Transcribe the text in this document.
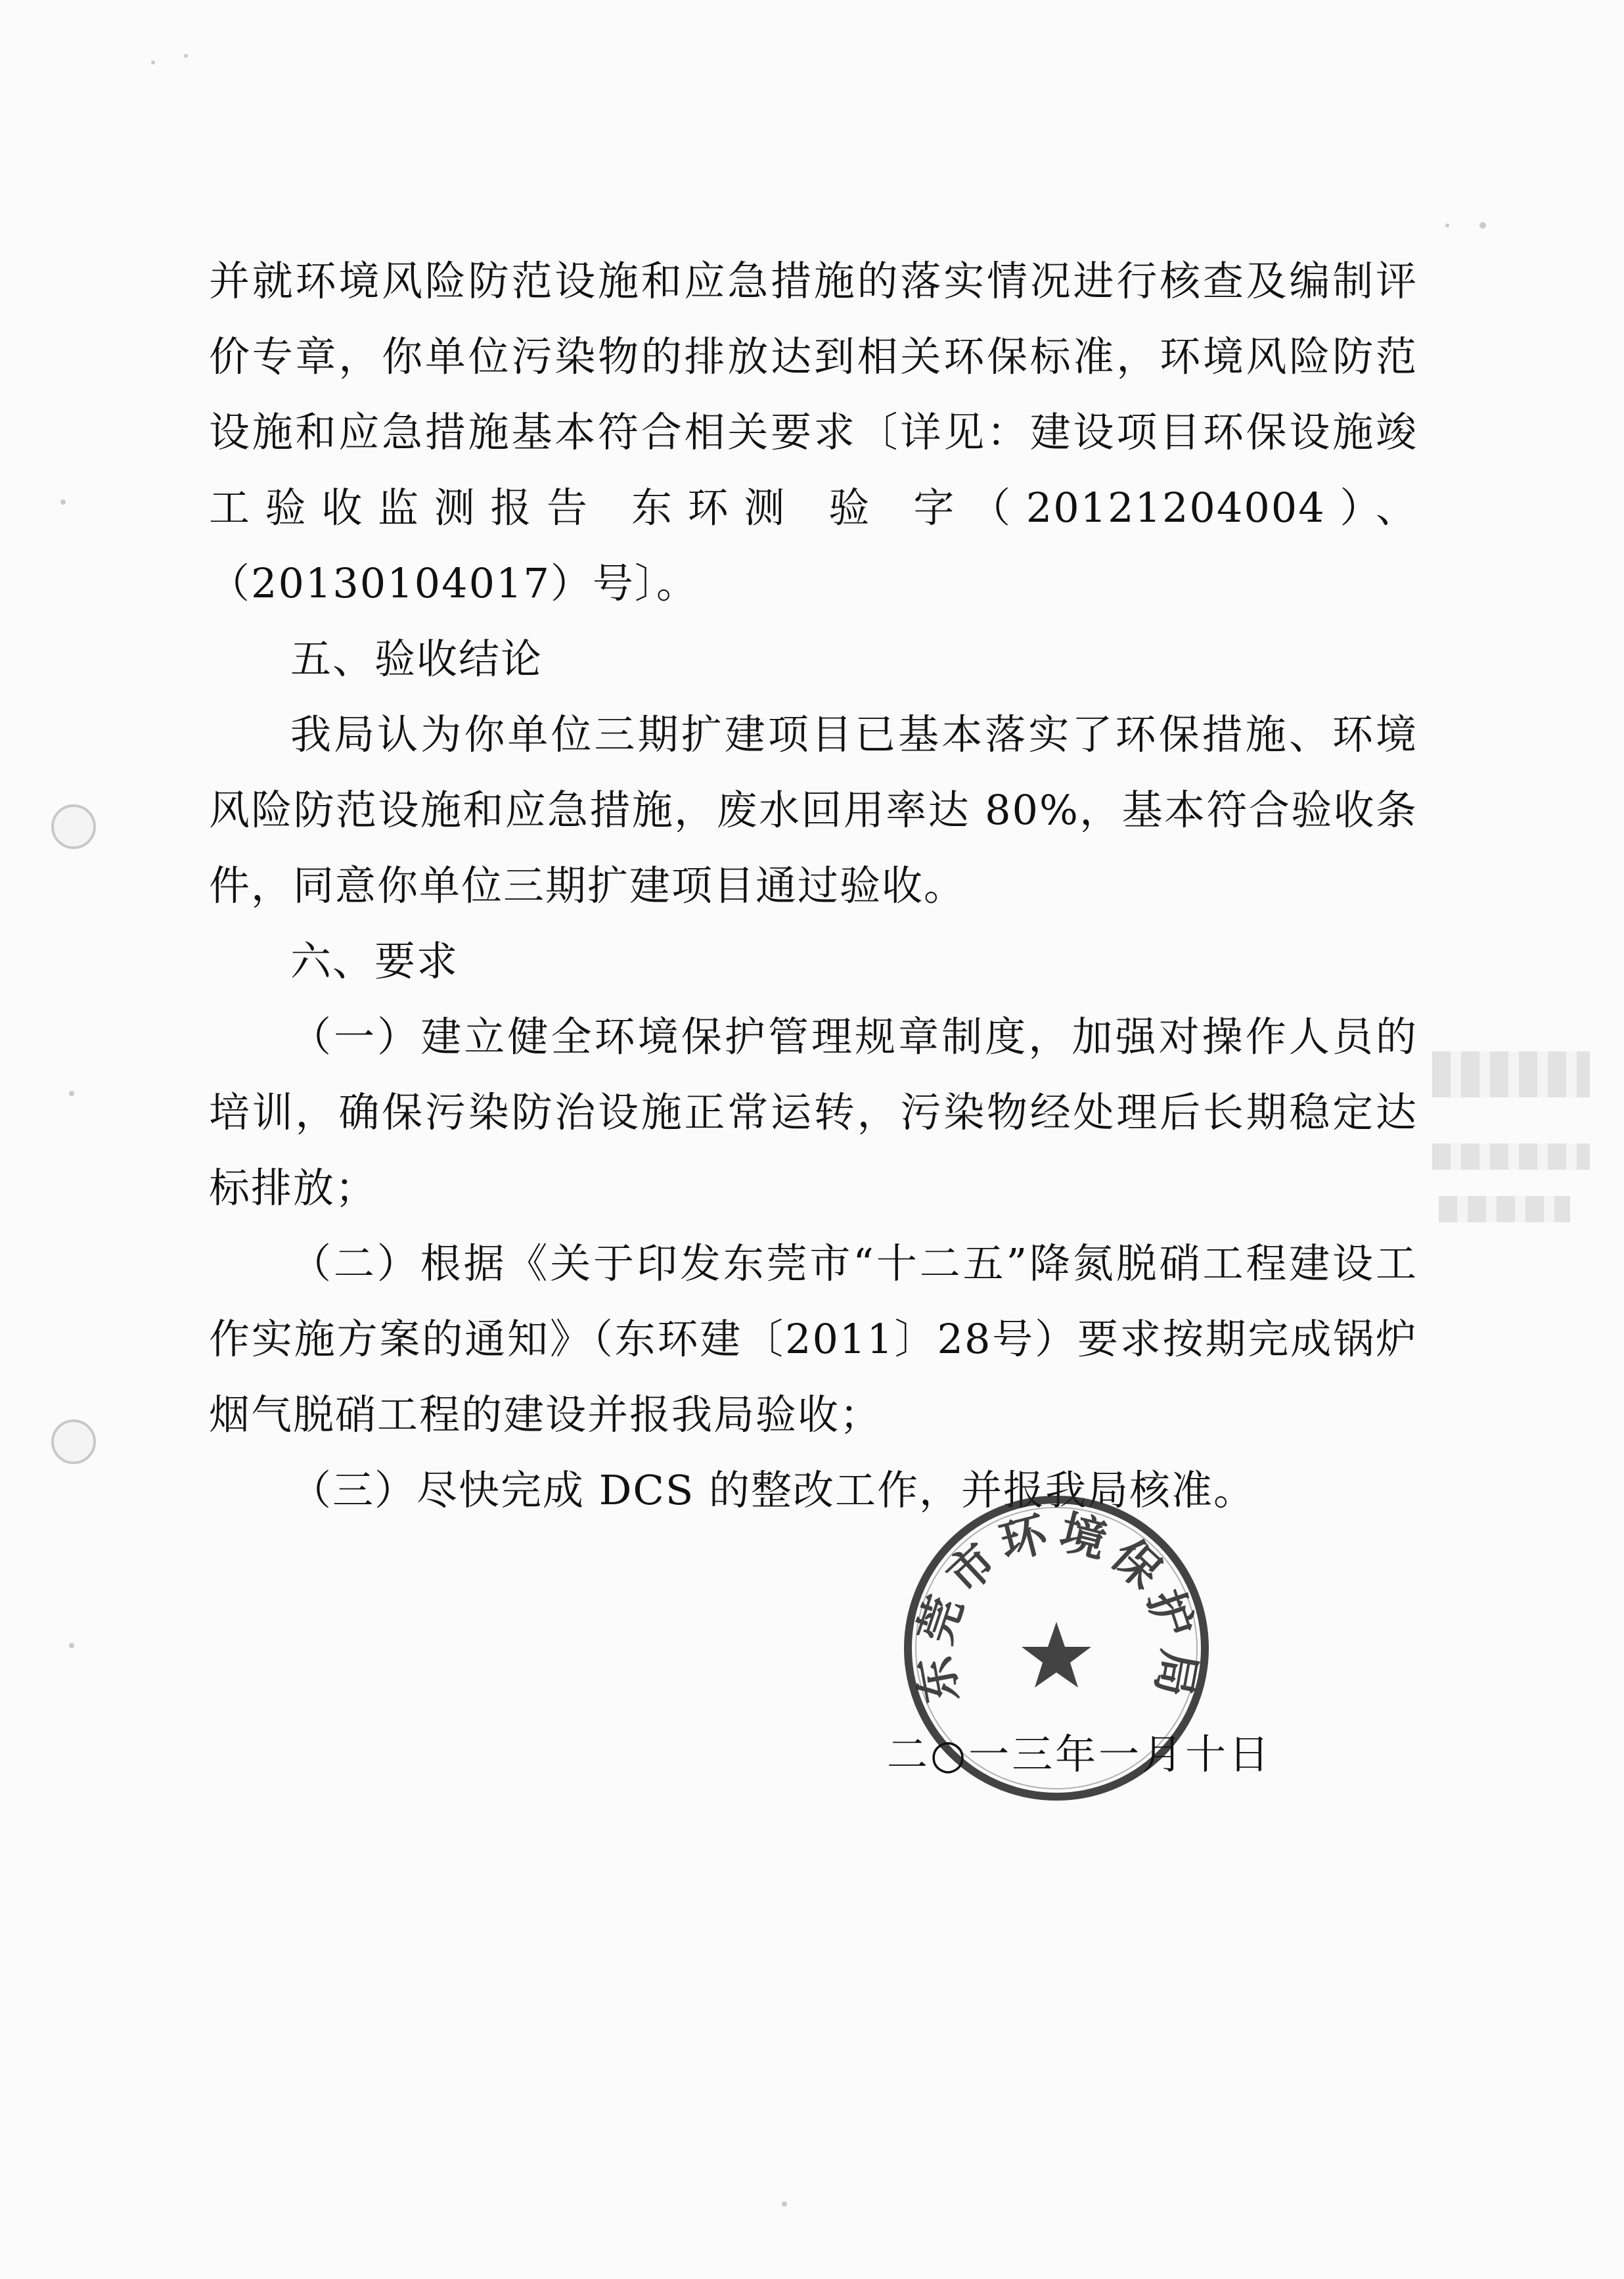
并就环境风险防范设施和应急措施的落实情况进行核查及编制评价专章，你单位污染物的排放达到相关环保标准，环境风险防范设施和应急措施基本符合相关要求〔详见：建设项目环保设施竣工验收监测报告 东环测 验 字（20121204004）、（20130104017）号〕。

五、验收结论

我局认为你单位三期扩建项目已基本落实了环保措施、环境风险防范设施和应急措施，废水回用率达 80%，基本符合验收条件，同意你单位三期扩建项目通过验收。

六、要求

（一）建立健全环境保护管理规章制度，加强对操作人员的培训，确保污染防治设施正常运转，污染物经处理后长期稳定达标排放；

（二）根据《关于印发东莞市“十二五”降氮脱硝工程建设工作实施方案的通知》（东环建〔2011〕28号）要求按期完成锅炉烟气脱硝工程的建设并报我局验收；

（三）尽快完成 DCS 的整改工作，并报我局核准。

东莞市环境保护局
二○一三年一月十日
